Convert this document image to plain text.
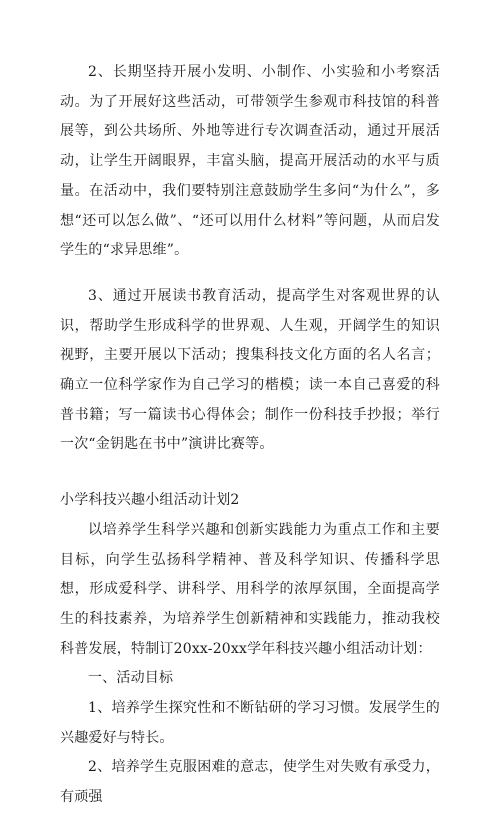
2、长期坚持开展小发明、小制作、小实验和小考察活动。为了开展好这些活动，可带领学生参观市科技馆的科普展等，到公共场所、外地等进行专次调查活动，通过开展活动，让学生开阔眼界，丰富头脑，提高开展活动的水平与质量。在活动中，我们要特别注意鼓励学生多问“为什么”，多想“还可以怎么做”、“还可以用什么材料”等问题，从而启发学生的“求异思维”。

3、通过开展读书教育活动，提高学生对客观世界的认识，帮助学生形成科学的世界观、人生观，开阔学生的知识视野，主要开展以下活动；搜集科技文化方面的名人名言；确立一位科学家作为自己学习的楷模；读一本自己喜爱的科普书籍；写一篇读书心得体会；制作一份科技手抄报；举行一次“金钥匙在书中”演讲比赛等。

小学科技兴趣小组活动计划2

以培养学生科学兴趣和创新实践能力为重点工作和主要目标，向学生弘扬科学精神、普及科学知识、传播科学思想，形成爱科学、讲科学、用科学的浓厚氛围，全面提高学生的科技素养，为培养学生创新精神和实践能力，推动我校科普发展，特制订20xx-20xx学年科技兴趣小组活动计划：

一、活动目标

1、培养学生探究性和不断钻研的学习习惯。发展学生的兴趣爱好与特长。

2、培养学生克服困难的意志，使学生对失败有承受力，有顽强
